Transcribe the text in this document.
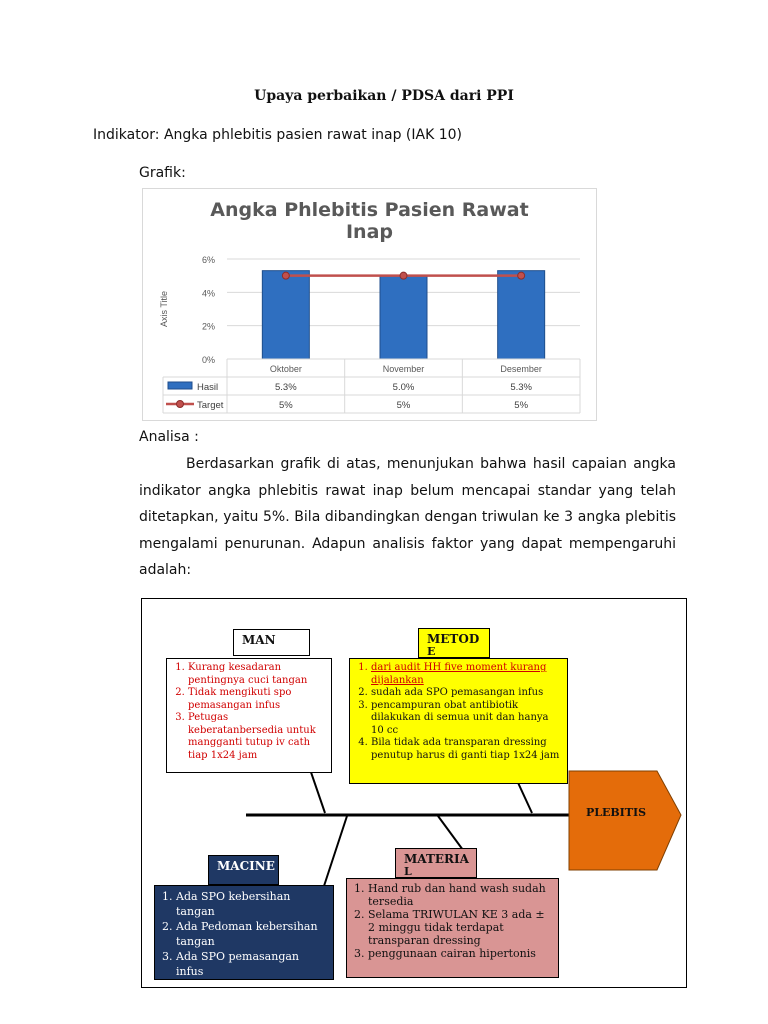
Upaya perbaikan / PDSA dari PPI
Indikator: Angka phlebitis pasien rawat inap (IAK 10)
Grafik:
Angka Phlebitis Pasien Rawat
Inap
6%
4%
2%
0%
Axis Title
Oktober	November	Desember
Hasil	5.3%	5.0%	5.3%
Target	5%	5%	5%
Analisa :

Berdasarkan grafik di atas, menunjukan bahwa hasil capaian angka indikator angka phlebitis rawat inap belum mencapai standar yang telah ditetapkan, yaitu 5%. Bila dibandingkan dengan triwulan ke 3 angka plebitis mengalami penurunan. Adapun analisis faktor yang dapat mempengaruhi adalah:

PLEBITIS
MAN
1. Kurang kesadaran pentingnya cuci tangan
2. Tidak mengikuti spo pemasangan infus
3. Petugas keberatanbersedia untuk mangganti tutup iv cath tiap 1x24 jam
METOD
E
1. dari audit HH five moment kurang dijalankan
2. sudah ada SPO pemasangan infus
3. pencampuran obat antibiotik dilakukan di semua unit dan hanya 10 cc
4. Bila tidak ada transparan dressing penutup harus di ganti tiap 1x24 jam
MACINE
1. Ada SPO kebersihan tangan
2. Ada Pedoman kebersihan tangan
3. Ada SPO pemasangan infus
MATERIA
L
1. Hand rub dan hand wash sudah tersedia
2. Selama TRIWULAN KE 3 ada ± 2 minggu tidak terdapat transparan dressing
3. penggunaan cairan hipertonis
